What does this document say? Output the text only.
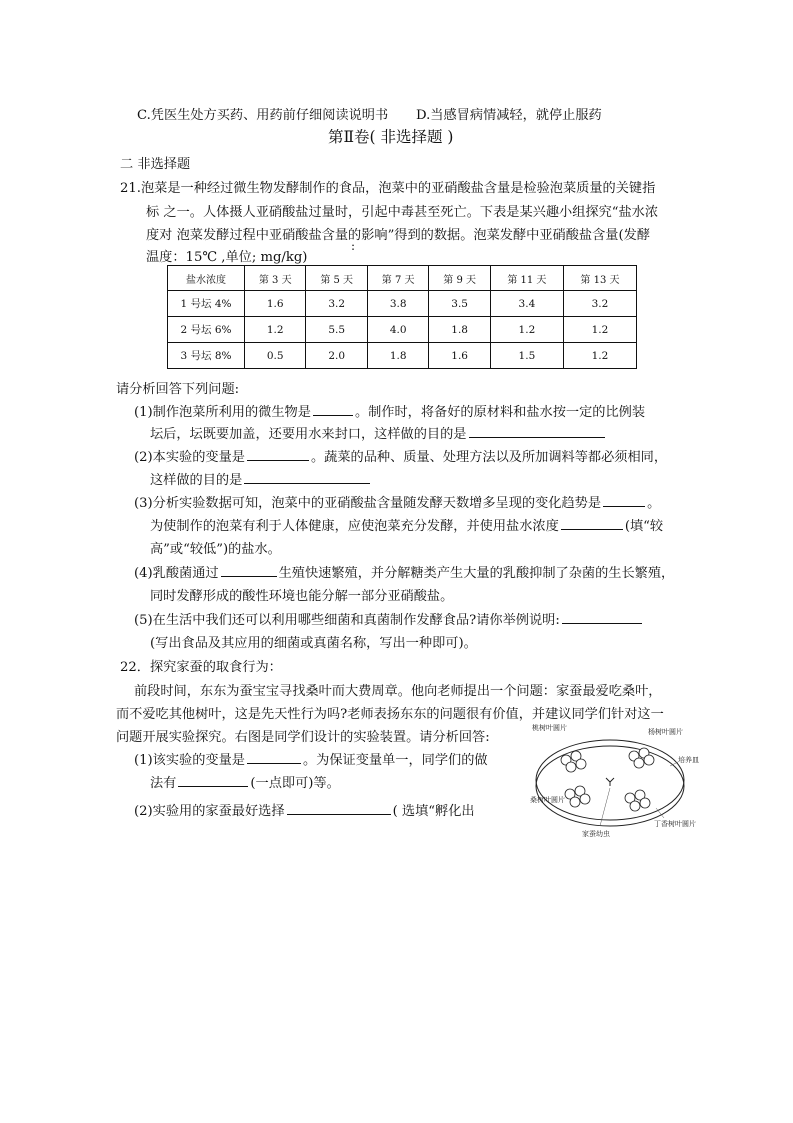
C.凭医生处方买药、用药前仔细阅读说明书 D.当感冒病情减轻，就停止服药
第Ⅱ卷( 非选择题 )
二 非选择题
21.泡菜是一种经过微生物发酵制作的食品，泡菜中的亚硝酸盐含量是检验泡菜质量的关键指
标 之一。人体摄人亚硝酸盐过量时，引起中毒甚至死亡。下表是某兴趣小组探究“盐水浓
度对 泡菜发酵过程中亚硝酸盐含量的影响”得到的数据。泡菜发酵中亚硝酸盐含量(发酵
温度：15℃ ,单位; mg/kg)
:
盐水浓度	第 3 天	第 5 天	第 7 天	第 9 天	第 11 天	第 13 天
1 号坛 4%	1.6	3.2	3.8	3.5	3.4	3.2
2 号坛 6%	1.2	5.5	4.0	1.8	1.2	1.2
3 号坛 8%	0.5	2.0	1.8	1.6	1.5	1.2
请分析回答下列问题:
(1)制作泡菜所利用的微生物是	。制作时，将备好的原材料和盐水按一定的比例装
坛后，坛既要加盖，还要用水来封口，这样做的目的是
(2)本实验的变量是	。蔬菜的品种、质量、处理方法以及所加调料等都必须相同，
这样做的目的是
(3)分析实验数据可知，泡菜中的亚硝酸盐含量随发酵天数增多呈现的变化趋势是	。
为使制作的泡菜有利于人体健康，应使泡菜充分发酵，并使用盐水浓度	(填“较
高”或“较低”)的盐水。
(4)乳酸菌通过	生殖快速繁殖，并分解糖类产生大量的乳酸抑制了杂菌的生长繁殖，
同时发酵形成的酸性环境也能分解一部分亚硝酸盐。
(5)在生活中我们还可以利用哪些细菌和真菌制作发酵食品?请你举例说明:
(写出食品及其应用的细菌或真菌名称，写出一种即可)。
22．探究家蚕的取食行为：
前段时间，东东为蚕宝宝寻找桑叶而大费周章。他向老师提出一个问题：家蚕最爱吃桑叶，
而不爱吃其他树叶，这是先天性行为吗?老师表扬东东的问题很有价值，并建议同学们针对这一
问题开展实验探究。右图是同学们设计的实验装置。请分析回答:
(1)该实验的变量是	。为保证变量单一，同学们的做
法有	(一点即可)等。
(2)实验用的家蚕最好选择	( 选填“孵化出
桃树叶圆片	杨树叶圆片
培养皿
桑树叶圆片
丁香树叶圆片
家蚕幼虫
